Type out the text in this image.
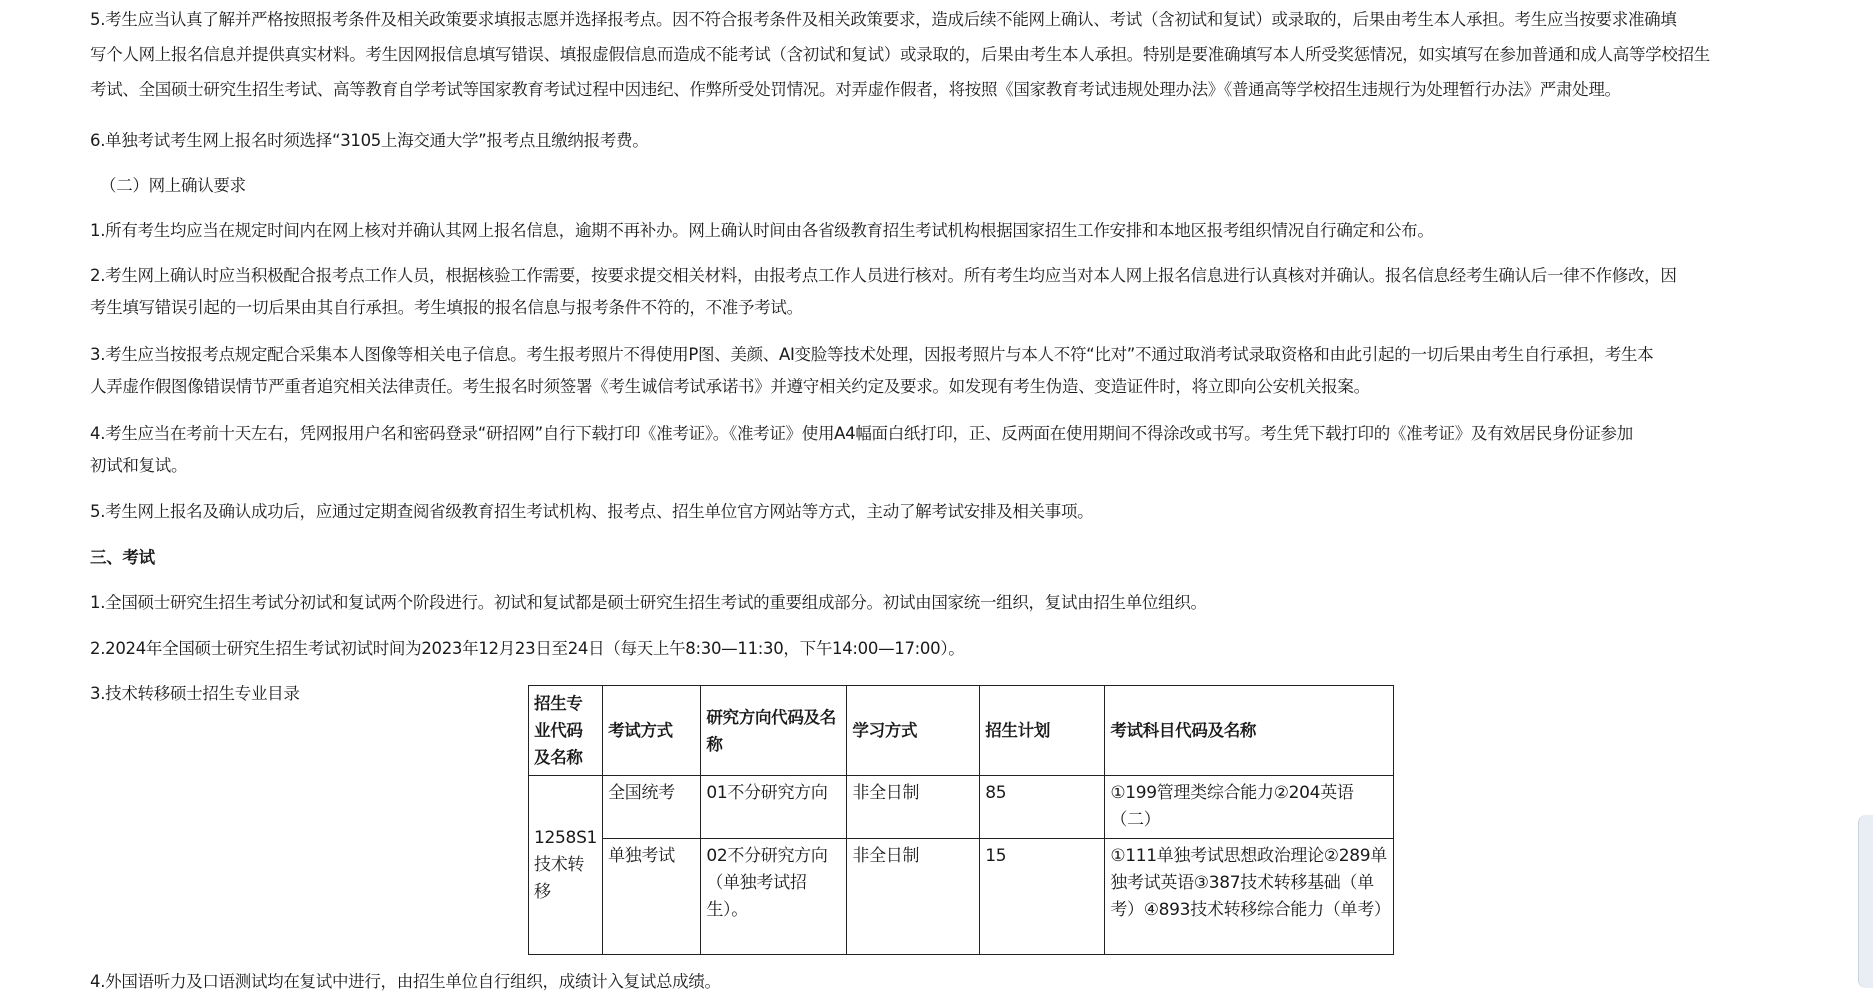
5.考生应当认真了解并严格按照报考条件及相关政策要求填报志愿并选择报考点。因不符合报考条件及相关政策要求，造成后续不能网上确认、考试（含初试和复试）或录取的，后果由考生本人承担。考生应当按要求准确填
写个人网上报名信息并提供真实材料。考生因网报信息填写错误、填报虚假信息而造成不能考试（含初试和复试）或录取的，后果由考生本人承担。特别是要准确填写本人所受奖惩情况，如实填写在参加普通和成人高等学校招生
考试、全国硕士研究生招生考试、高等教育自学考试等国家教育考试过程中因违纪、作弊所受处罚情况。对弄虚作假者，将按照《国家教育考试违规处理办法》《普通高等学校招生违规行为处理暂行办法》严肃处理。
6.单独考试考生网上报名时须选择“3105上海交通大学”报考点且缴纳报考费。
（二）网上确认要求
1.所有考生均应当在规定时间内在网上核对并确认其网上报名信息，逾期不再补办。网上确认时间由各省级教育招生考试机构根据国家招生工作安排和本地区报考组织情况自行确定和公布。
2.考生网上确认时应当积极配合报考点工作人员，根据核验工作需要，按要求提交相关材料，由报考点工作人员进行核对。所有考生均应当对本人网上报名信息进行认真核对并确认。报名信息经考生确认后一律不作修改，因
考生填写错误引起的一切后果由其自行承担。考生填报的报名信息与报考条件不符的，不准予考试。
3.考生应当按报考点规定配合采集本人图像等相关电子信息。考生报考照片不得使用P图、美颜、AI变脸等技术处理，因报考照片与本人不符“比对”不通过取消考试录取资格和由此引起的一切后果由考生自行承担，考生本
人弄虚作假图像错误情节严重者追究相关法律责任。考生报名时须签署《考生诚信考试承诺书》并遵守相关约定及要求。如发现有考生伪造、变造证件时，将立即向公安机关报案。
4.考生应当在考前十天左右，凭网报用户名和密码登录“研招网”自行下载打印《准考证》。《准考证》使用A4幅面白纸打印，正、反两面在使用期间不得涂改或书写。考生凭下载打印的《准考证》及有效居民身份证参加
初试和复试。
5.考生网上报名及确认成功后，应通过定期查阅省级教育招生考试机构、报考点、招生单位官方网站等方式，主动了解考试安排及相关事项。
三、考试
1.全国硕士研究生招生考试分初试和复试两个阶段进行。初试和复试都是硕士研究生招生考试的重要组成部分。初试由国家统一组织，复试由招生单位组织。
2.2024年全国硕士研究生招生考试初试时间为2023年12月23日至24日（每天上午8:30—11:30，下午14:00—17:00）。
3.技术转移硕士招生专业目录
招生专业代码及名称	考试方式	研究方向代码及名称	学习方式	招生计划	考试科目代码及名称
1258S1技术转移	全国统考	01不分研究方向	非全日制	85	①199管理类综合能力②204英语（二）
	单独考试	02不分研究方向（单独考试招生）。	非全日制	15	①111单独考试思想政治理论②289单独考试英语③387技术转移基础（单考）④893技术转移综合能力（单考）
4.外国语听力及口语测试均在复试中进行，由招生单位自行组织，成绩计入复试总成绩。
